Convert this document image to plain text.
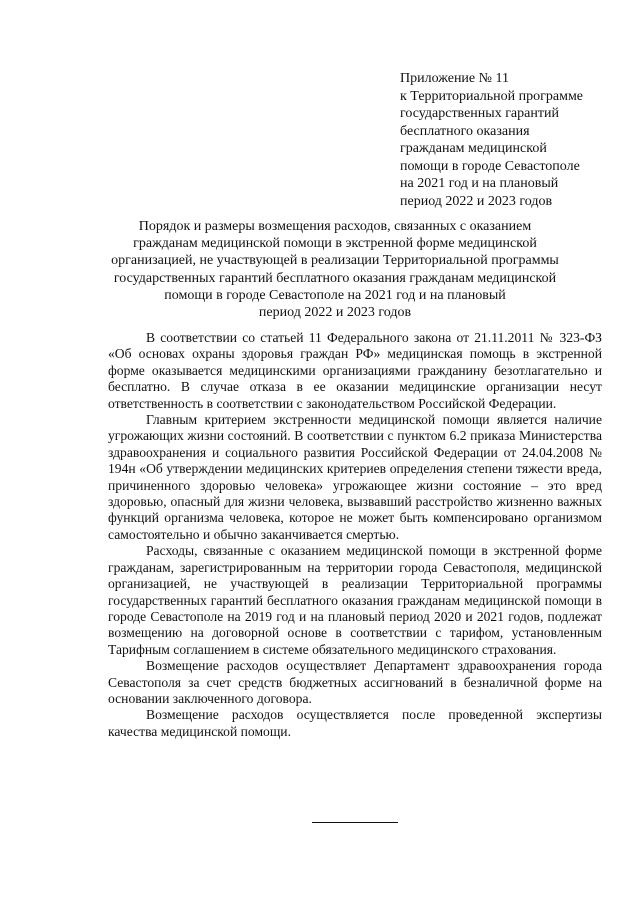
Приложение № 11
к Территориальной программе
государственных гарантий
бесплатного оказания
гражданам медицинской
помощи в городе Севастополе
на 2021 год и на плановый
период 2022 и 2023 годов
Порядок и размеры возмещения расходов, связанных с оказанием
гражданам медицинской помощи в экстренной форме медицинской
организацией, не участвующей в реализации Территориальной программы
государственных гарантий бесплатного оказания гражданам медицинской
помощи в городе Севастополе на 2021 год и на плановый
период 2022 и 2023 годов

В соответствии со статьей 11 Федерального закона от 21.11.2011 № 323-ФЗ «Об основах охраны здоровья граждан РФ» медицинская помощь в экстренной форме оказывается медицинскими организациями гражданину безотлагательно и бесплатно. В случае отказа в ее оказании медицинские организации несут ответственность в соответствии с законодательством Российской Федерации.

Главным критерием экстренности медицинской помощи является наличие угрожающих жизни состояний. В соответствии с пунктом 6.2 приказа Министерства здравоохранения и социального развития Российской Федерации от 24.04.2008 № 194н «Об утверждении медицинских критериев определения степени тяжести вреда, причиненного здоровью человека» угрожающее жизни состояние – это вред здоровью, опасный для жизни человека, вызвавший расстройство жизненно важных функций организма человека, которое не может быть компенсировано организмом самостоятельно и обычно заканчивается смертью.

Расходы, связанные с оказанием медицинской помощи в экстренной форме гражданам, зарегистрированным на территории города Севастополя, медицинской организацией, не участвующей в реализации Территориальной программы государственных гарантий бесплатного оказания гражданам медицинской помощи в городе Севастополе на 2019 год и на плановый период 2020 и 2021 годов, подлежат возмещению на договорной основе в соответствии с тарифом, установленным Тарифным соглашением в системе обязательного медицинского страхования.

Возмещение расходов осуществляет Департамент здравоохранения города Севастополя за счет средств бюджетных ассигнований в безналичной форме на основании заключенного договора.

Возмещение расходов осуществляется после проведенной экспертизы качества медицинской помощи.
